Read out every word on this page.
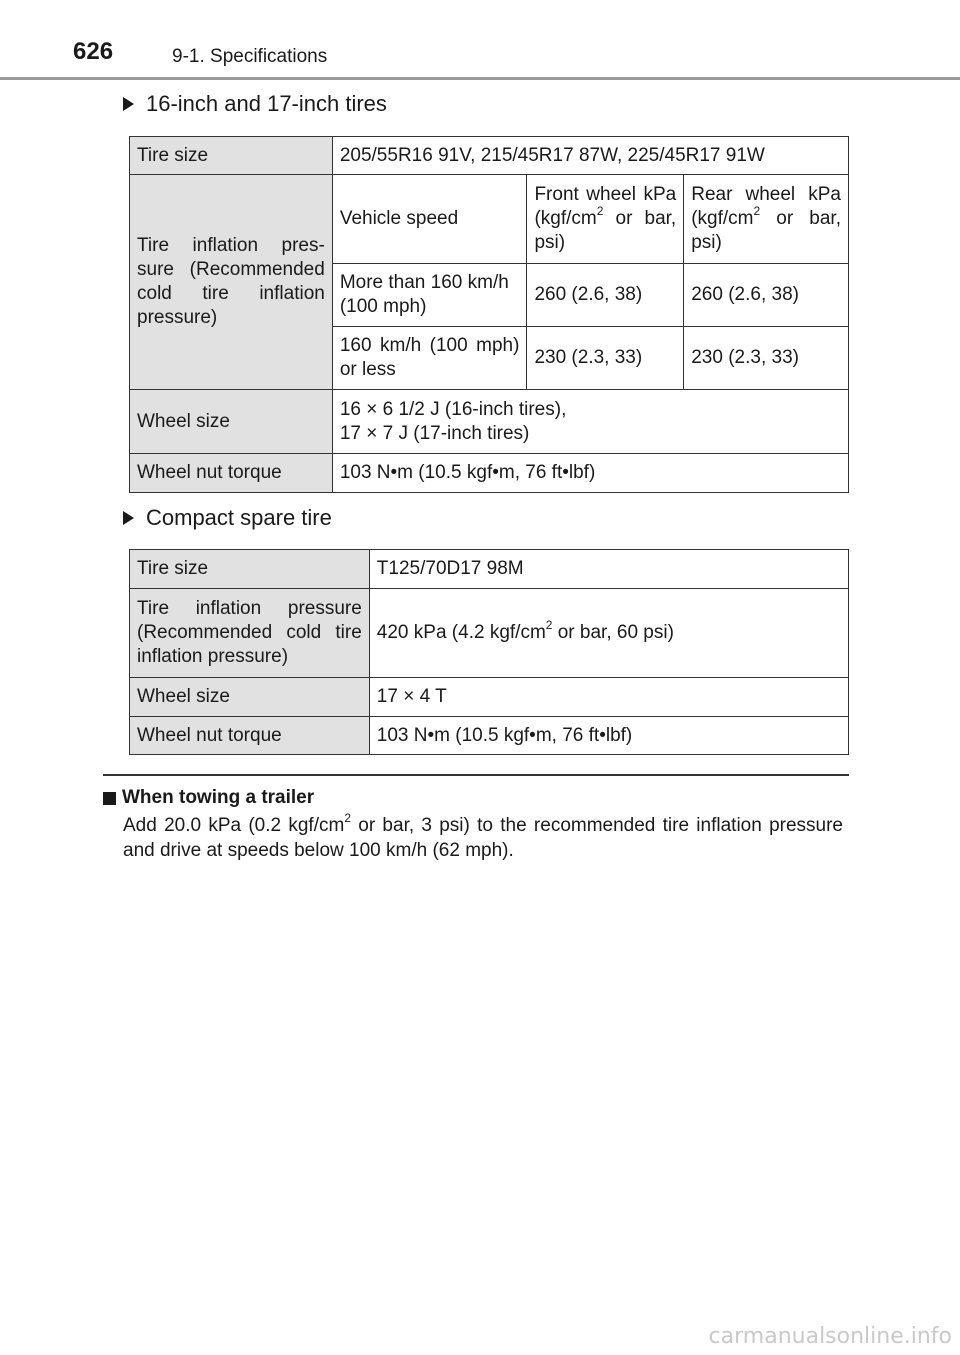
626	9-1. Specifications
16-inch and 17-inch tires
Tire size	205/55R16 91V, 215/45R17 87W, 225/45R17 91W		
Tire inflation pres-sure (Recommended cold tire inflation pressure)	Vehicle speed	Front wheel kPa ($kgf/cm^2$ or bar, psi)	Rear wheel kPa ($kgf/cm^2$ or bar, psi)
	More than 160 km/h (100 mph)	260 (2.6, 38)	260 (2.6, 38)
	160 km/h (100 mph) or less	230 (2.3, 33)	230 (2.3, 33)
Wheel size	16 × 6 1/2 J (16-inch tires),
17 × 7 J (17-inch tires)		
Wheel nut torque	103 N•m (10.5 kgf•m, 76 ft•lbf)		
Compact spare tire
Tire size	T125/70D17 98M
Tire inflation pressure (Recommended cold tire inflation pressure)	420 kPa (4.2 kgf/$cm^2$ or bar, 60 psi)
Wheel size	17 × 4 T
Wheel nut torque	103 N•m (10.5 kgf•m, 76 ft•lbf)
When towing a trailer
Add 20.0 kPa (0.2 kgf/$cm^2$ or bar, 3 psi) to the recommended tire inflation pressure and drive at speeds below 100 km/h (62 mph).
carmanualsonline.info
